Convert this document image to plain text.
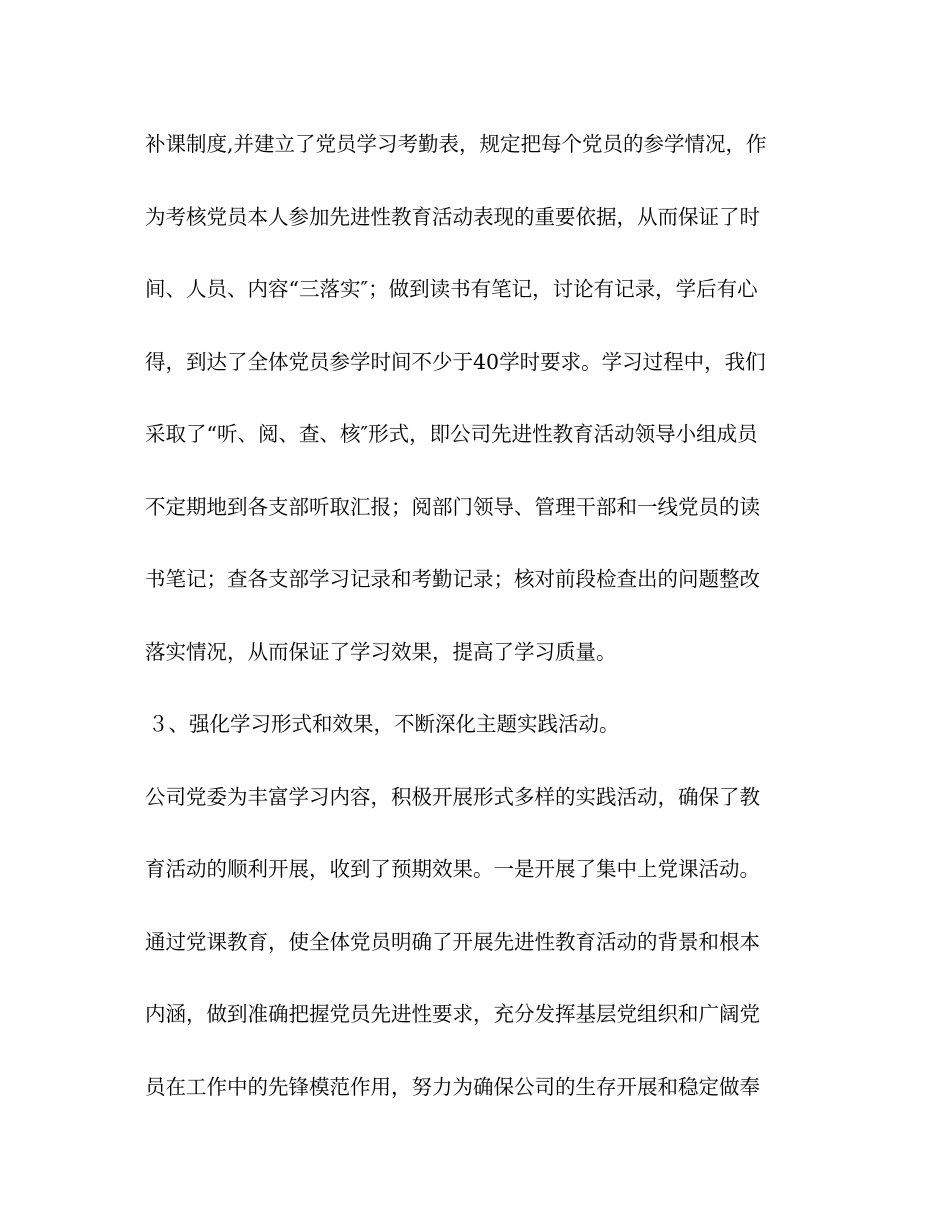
补课制度,并建立了党员学习考勤表，规定把每个党员的参学情况，作
为考核党员本人参加先进性教育活动表现的重要依据，从而保证了时
间、人员、内容“三落实″；做到读书有笔记，讨论有记录，学后有心
得，到达了全体党员参学时间不少于40学时要求。学习过程中，我们
采取了“听、阅、查、核″形式，即公司先进性教育活动领导小组成员
不定期地到各支部听取汇报；阅部门领导、管理干部和一线党员的读
书笔记；查各支部学习记录和考勤记录；核对前段检查出的问题整改
落实情况，从而保证了学习效果，提高了学习质量。
３、强化学习形式和效果，不断深化主题实践活动。
公司党委为丰富学习内容，积极开展形式多样的实践活动，确保了教
育活动的顺利开展，收到了预期效果。一是开展了集中上党课活动。
通过党课教育，使全体党员明确了开展先进性教育活动的背景和根本
内涵，做到准确把握党员先进性要求，充分发挥基层党组织和广阔党
员在工作中的先锋模范作用，努力为确保公司的生存开展和稳定做奉
